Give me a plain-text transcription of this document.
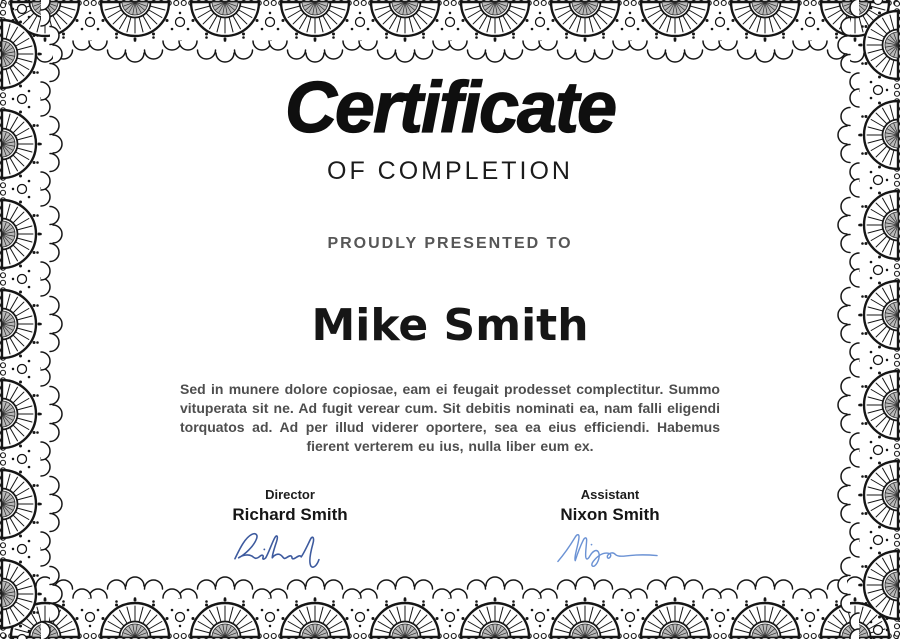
Certificate
OF COMPLETION
PROUDLY PRESENTED TO
Mike Smith

Sed in munere dolore copiosae, eam ei feugait prodesset complectitur. Summo vituperata sit ne. Ad fugit verear cum. Sit debitis nominati ea, nam falli eligendi torquatos ad. Ad per illud viderer oportere, sea ea eius efficiendi. Habemus fierent verterem eu ius, nulla liber eum ex.

Director
Richard Smith
Assistant
Nixon Smith
